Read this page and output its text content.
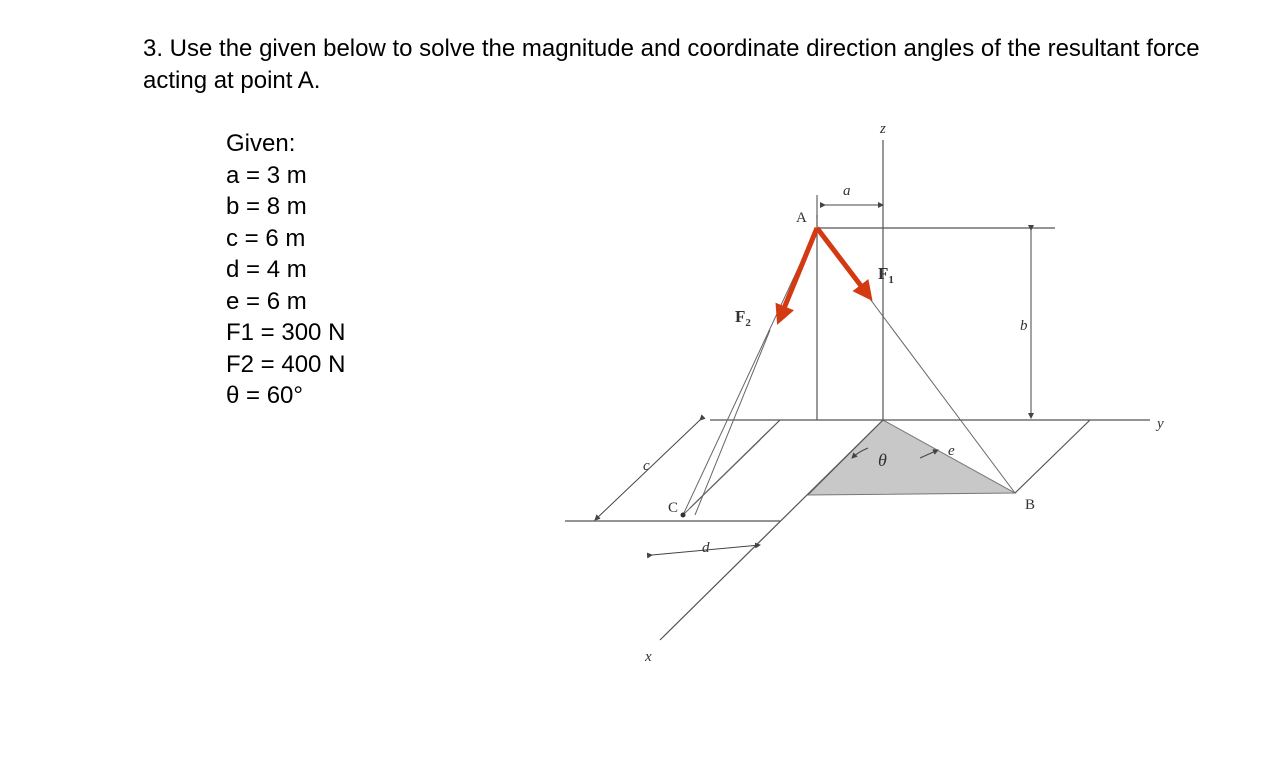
3. Use the given below to solve the magnitude and coordinate direction angles of the resultant force acting at point A.
Given:
a = 3 m
b = 8 m
c = 6 m
d = 4 m
e = 6 m
F1 = 300 N
F2 = 400 N
θ = 60°
z
y
x
A
B
C
a
b
c
d
e
θ
$F_1$
$F_2$
